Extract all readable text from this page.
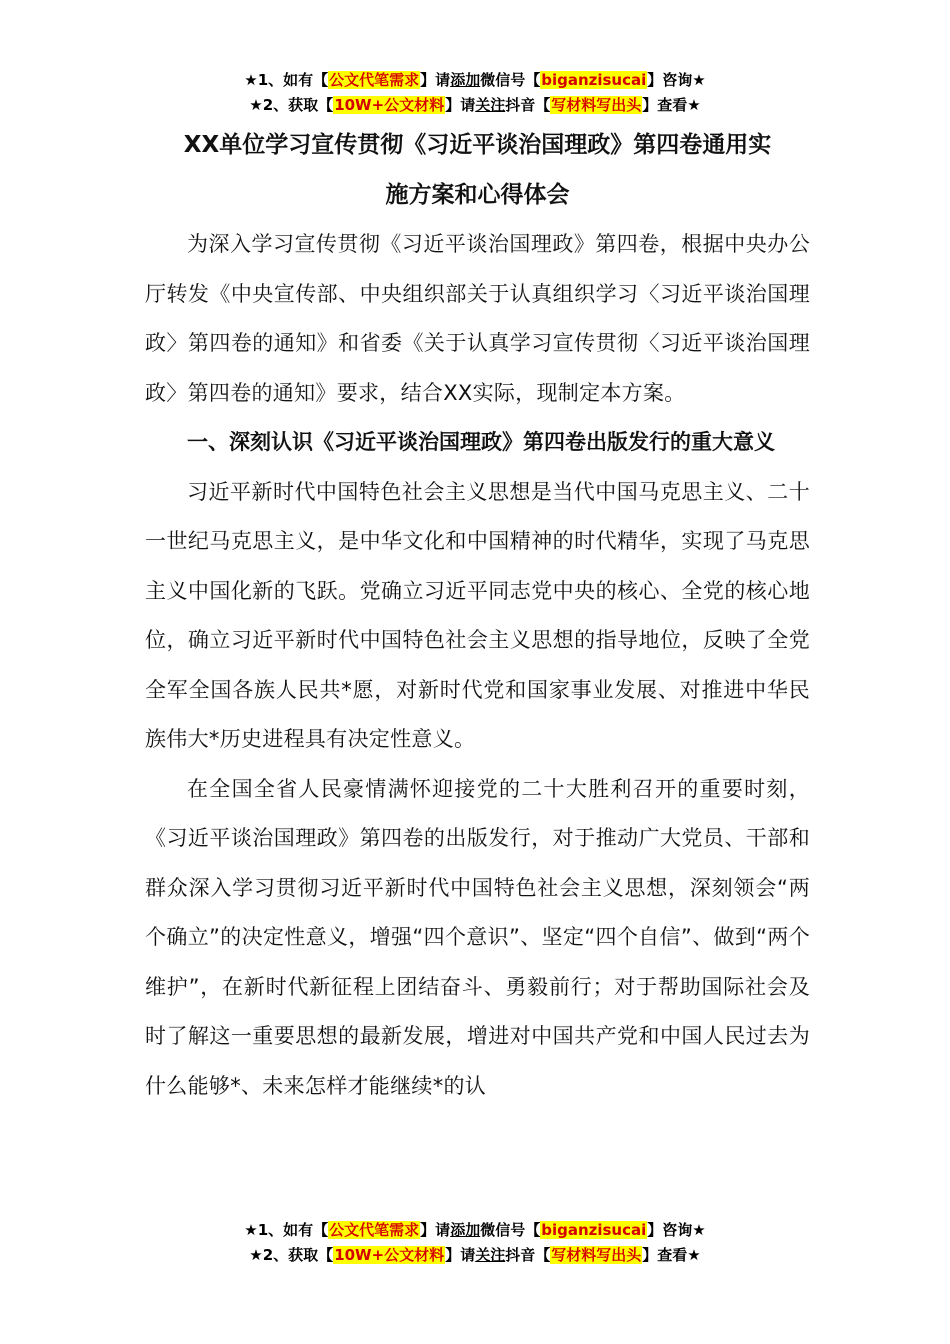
★1、如有【公文代笔需求】请添加微信号【biganzisucai】咨询★
★2、获取【10W+公文材料】请关注抖音【写材料写出头】查看★
XX单位学习宣传贯彻《习近平谈治国理政》第四卷通用实
施方案和心得体会

为深入学习宣传贯彻《习近平谈治国理政》第四卷，根据中央办公厅转发《中央宣传部、中央组织部关于认真组织学习〈习近平谈治国理政〉第四卷的通知》和省委《关于认真学习宣传贯彻〈习近平谈治国理政〉第四卷的通知》要求，结合XX实际，现制定本方案。

一、深刻认识《习近平谈治国理政》第四卷出版发行的重大意义

习近平新时代中国特色社会主义思想是当代中国马克思主义、二十一世纪马克思主义，是中华文化和中国精神的时代精华，实现了马克思主义中国化新的飞跃。党确立习近平同志党中央的核心、全党的核心地位，确立习近平新时代中国特色社会主义思想的指导地位，反映了全党全军全国各族人民共*愿，对新时代党和国家事业发展、对推进中华民族伟大*历史进程具有决定性意义。

在全国全省人民豪情满怀迎接党的二十大胜利召开的重要时刻，《习近平谈治国理政》第四卷的出版发行，对于推动广大党员、干部和群众深入学习贯彻习近平新时代中国特色社会主义思想，深刻领会“两个确立”的决定性意义，增强“四个意识”、坚定“四个自信”、做到“两个维护”，在新时代新征程上团结奋斗、勇毅前行；对于帮助国际社会及时了解这一重要思想的最新发展，增进对中国共产党和中国人民过去为什么能够*、未来怎样才能继续*的认

★1、如有【公文代笔需求】请添加微信号【biganzisucai】咨询★
★2、获取【10W+公文材料】请关注抖音【写材料写出头】查看★
